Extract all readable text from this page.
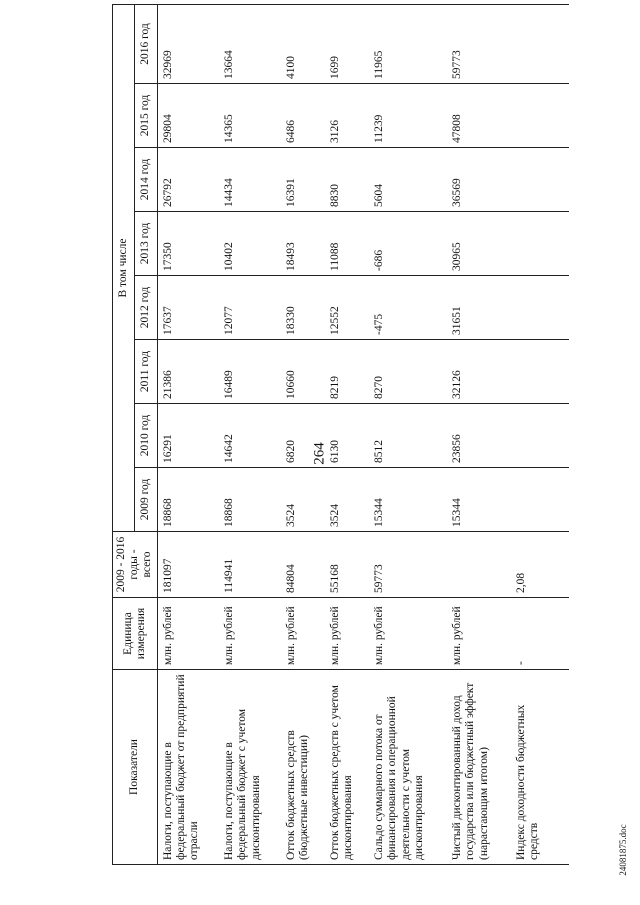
264
24081875.doc
Показатели	Единица измерения	2009 - 2016 годы - всего	В том числе							
			2009 год	2010 год	2011 год	2012 год	2013 год	2014 год	2015 год	2016 год
Налоги, поступающие в федеральный бюджет от предприятий отрасли	млн. рублей	181097	18868	16291	21386	17637	17350	26792	29804	32969
Налоги, поступающие в федеральный бюджет с учетом дисконтирования	млн. рублей	114941	18868	14642	16489	12077	10402	14434	14365	13664
Отток бюджетных средств (бюджетные инвестиции)	млн. рублей	84804	3524	6820	10660	18330	18493	16391	6486	4100
Отток бюджетных средств с учетом дисконтирования	млн. рублей	55168	3524	6130	8219	12552	11088	8830	3126	1699
Сальдо суммарного потока от финансирования и операционной деятельности с учетом дисконтирования	млн. рублей	59773	15344	8512	8270	-475	-686	5604	11239	11965
Чистый дисконтированный доход государства или бюджетный эффект (нарастающим итогом)	млн. рублей		15344	23856	32126	31651	30965	36569	47808	59773
Индекс доходности бюджетных средств	-	2,08								
